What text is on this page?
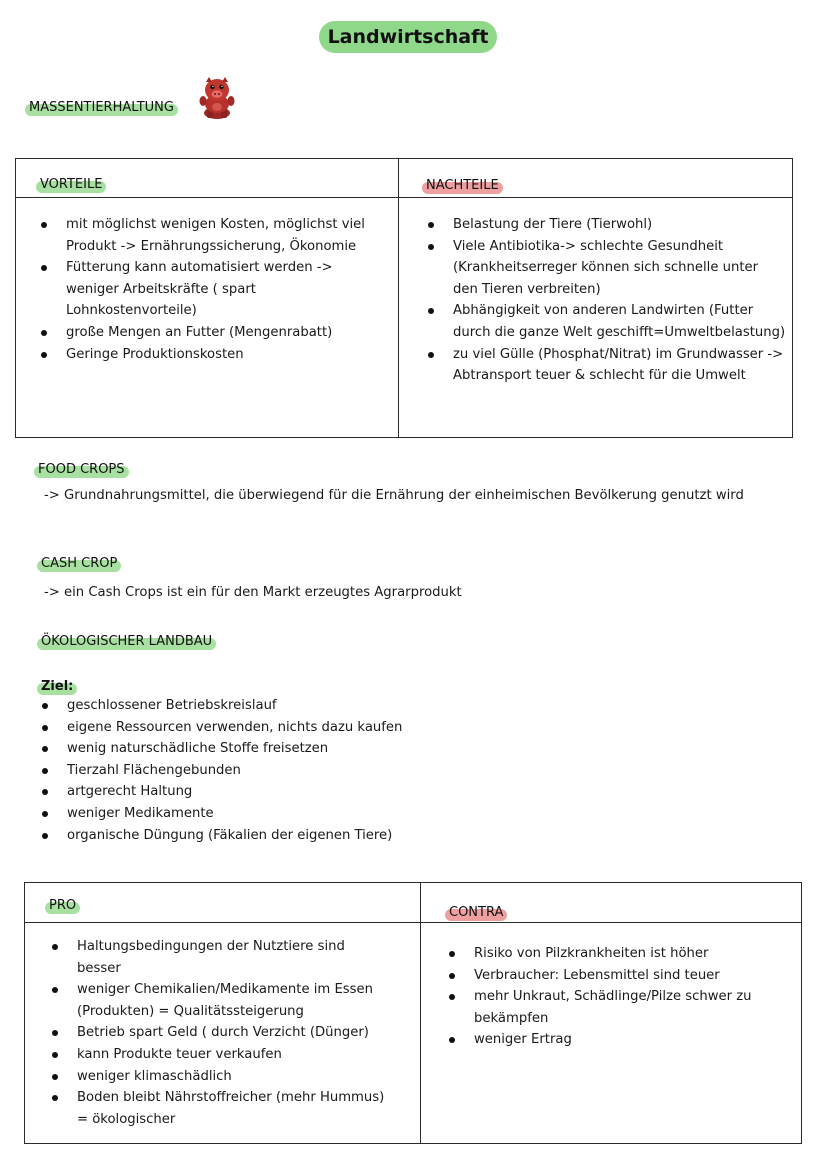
Landwirtschaft
MASSENTIERHALTUNG
VORTEILE	NACHTEILE
mit möglichst wenigen Kosten, möglichst viel Produkt -> Ernährungssicherung, Ökonomie
Fütterung kann automatisiert werden -> weniger Arbeitskräfte ( spart Lohnkostenvorteile)
große Mengen an Futter (Mengenrabatt)
Geringe Produktionskosten
Belastung der Tiere (Tierwohl)
Viele Antibiotika-> schlechte Gesundheit (Krankheitserreger können sich schnelle unter den Tieren verbreiten)
Abhängigkeit von anderen Landwirten (Futter durch die ganze Welt geschifft=Umweltbelastung)
zu viel Gülle (Phosphat/Nitrat) im Grundwasser -> Abtransport teuer & schlecht für die Umwelt
FOOD CROPS
-> Grundnahrungsmittel, die überwiegend für die Ernährung der einheimischen Bevölkerung genutzt wird
CASH CROP
-> ein Cash Crops ist ein für den Markt erzeugtes Agrarprodukt
ÖKOLOGISCHER LANDBAU
Ziel:
geschlossener Betriebskreislauf
eigene Ressourcen verwenden, nichts dazu kaufen
wenig naturschädliche Stoffe freisetzen
Tierzahl Flächengebunden
artgerecht Haltung
weniger Medikamente
organische Düngung (Fäkalien der eigenen Tiere)
PRO	CONTRA
Haltungsbedingungen der Nutztiere sind besser
weniger Chemikalien/Medikamente im Essen (Produkten) = Qualitätssteigerung
Betrieb spart Geld ( durch Verzicht (Dünger)
kann Produkte teuer verkaufen
weniger klimaschädlich
Boden bleibt Nährstoffreicher (mehr Hummus) = ökologischer
Risiko von Pilzkrankheiten ist höher
Verbraucher: Lebensmittel sind teuer
mehr Unkraut, Schädlinge/Pilze schwer zu bekämpfen
weniger Ertrag
